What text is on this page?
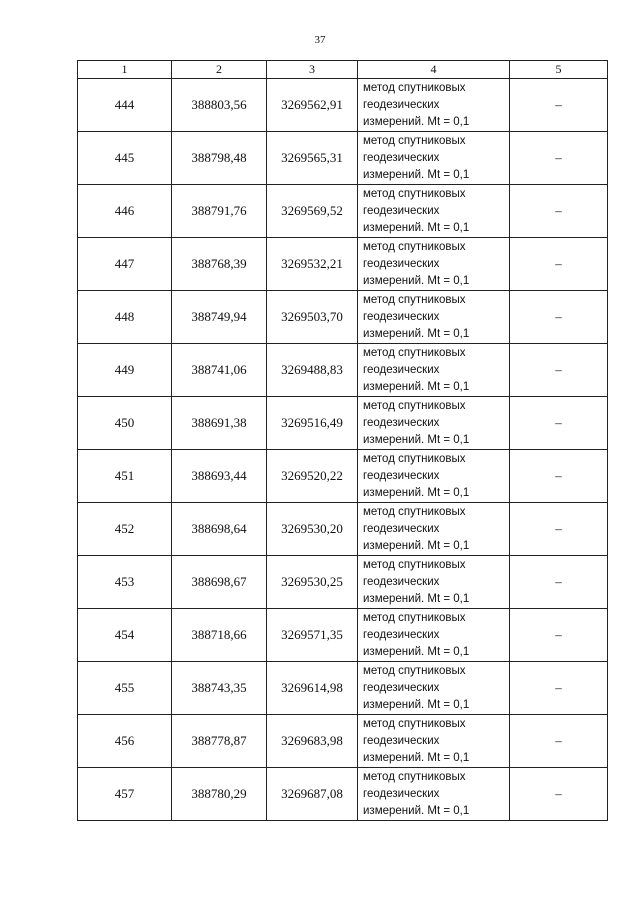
37
1	2	3	4	5
444	388803,56	3269562,91	метод спутниковых
геодезических
измерений. Mt = 0,1	–
445	388798,48	3269565,31	метод спутниковых
геодезических
измерений. Mt = 0,1	–
446	388791,76	3269569,52	метод спутниковых
геодезических
измерений. Mt = 0,1	–
447	388768,39	3269532,21	метод спутниковых
геодезических
измерений. Mt = 0,1	–
448	388749,94	3269503,70	метод спутниковых
геодезических
измерений. Mt = 0,1	–
449	388741,06	3269488,83	метод спутниковых
геодезических
измерений. Mt = 0,1	–
450	388691,38	3269516,49	метод спутниковых
геодезических
измерений. Mt = 0,1	–
451	388693,44	3269520,22	метод спутниковых
геодезических
измерений. Mt = 0,1	–
452	388698,64	3269530,20	метод спутниковых
геодезических
измерений. Mt = 0,1	–
453	388698,67	3269530,25	метод спутниковых
геодезических
измерений. Mt = 0,1	–
454	388718,66	3269571,35	метод спутниковых
геодезических
измерений. Mt = 0,1	–
455	388743,35	3269614,98	метод спутниковых
геодезических
измерений. Mt = 0,1	–
456	388778,87	3269683,98	метод спутниковых
геодезических
измерений. Mt = 0,1	–
457	388780,29	3269687,08	метод спутниковых
геодезических
измерений. Mt = 0,1	–
